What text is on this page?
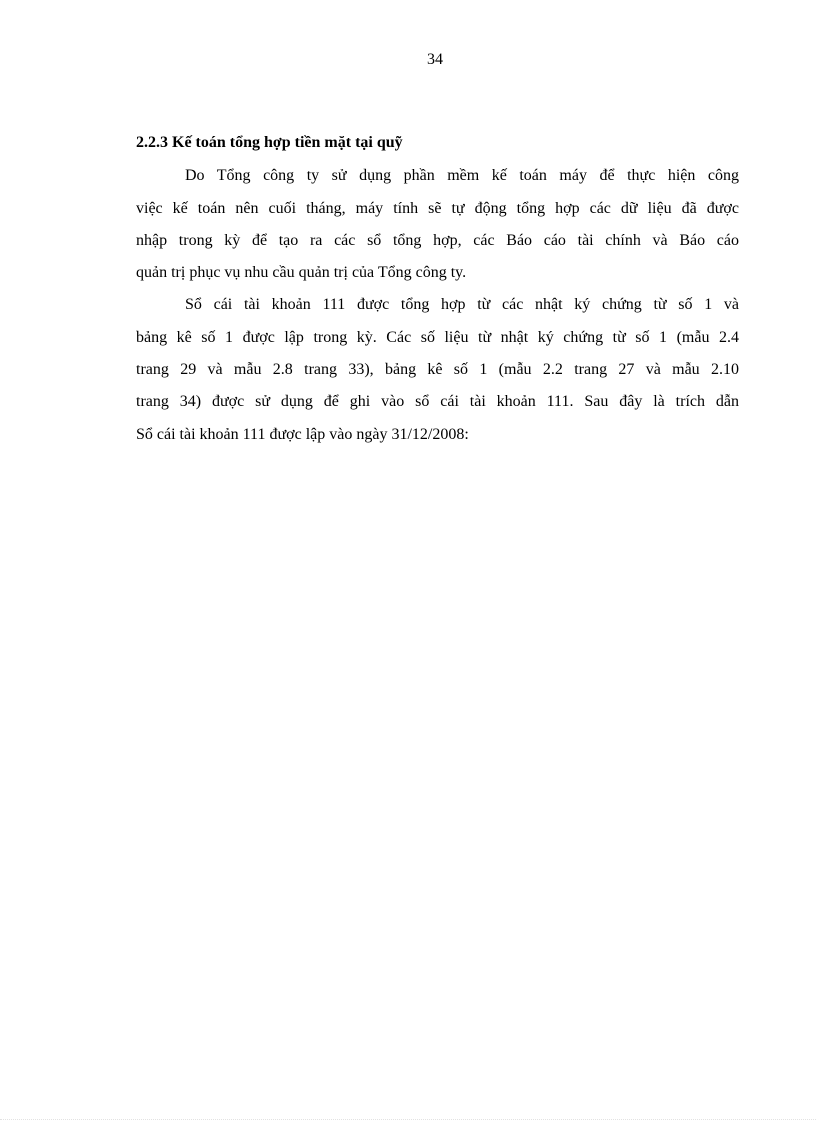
34
2.2.3 Kế toán tổng hợp tiền mặt tại quỹ
Do Tổng công ty sử dụng phần mềm kế toán máy để thực hiện công
việc kế toán nên cuối tháng, máy tính sẽ tự động tổng hợp các dữ liệu đã được
nhập trong kỳ để tạo ra các sổ tổng hợp, các Báo cáo tài chính và Báo cáo
quản trị phục vụ nhu cầu quản trị của Tổng công ty.
Sổ cái tài khoản 111 được tổng hợp từ các nhật ký chứng từ số 1 và
bảng kê số 1 được lập trong kỳ. Các số liệu từ nhật ký chứng từ số 1 (mẫu 2.4
trang 29 và mẫu 2.8 trang 33), bảng kê số 1 (mẫu 2.2 trang 27 và mẫu 2.10
trang 34) được sử dụng để ghi vào sổ cái tài khoản 111. Sau đây là trích dẫn
Sổ cái tài khoản 111 được lập vào ngày 31/12/2008:
